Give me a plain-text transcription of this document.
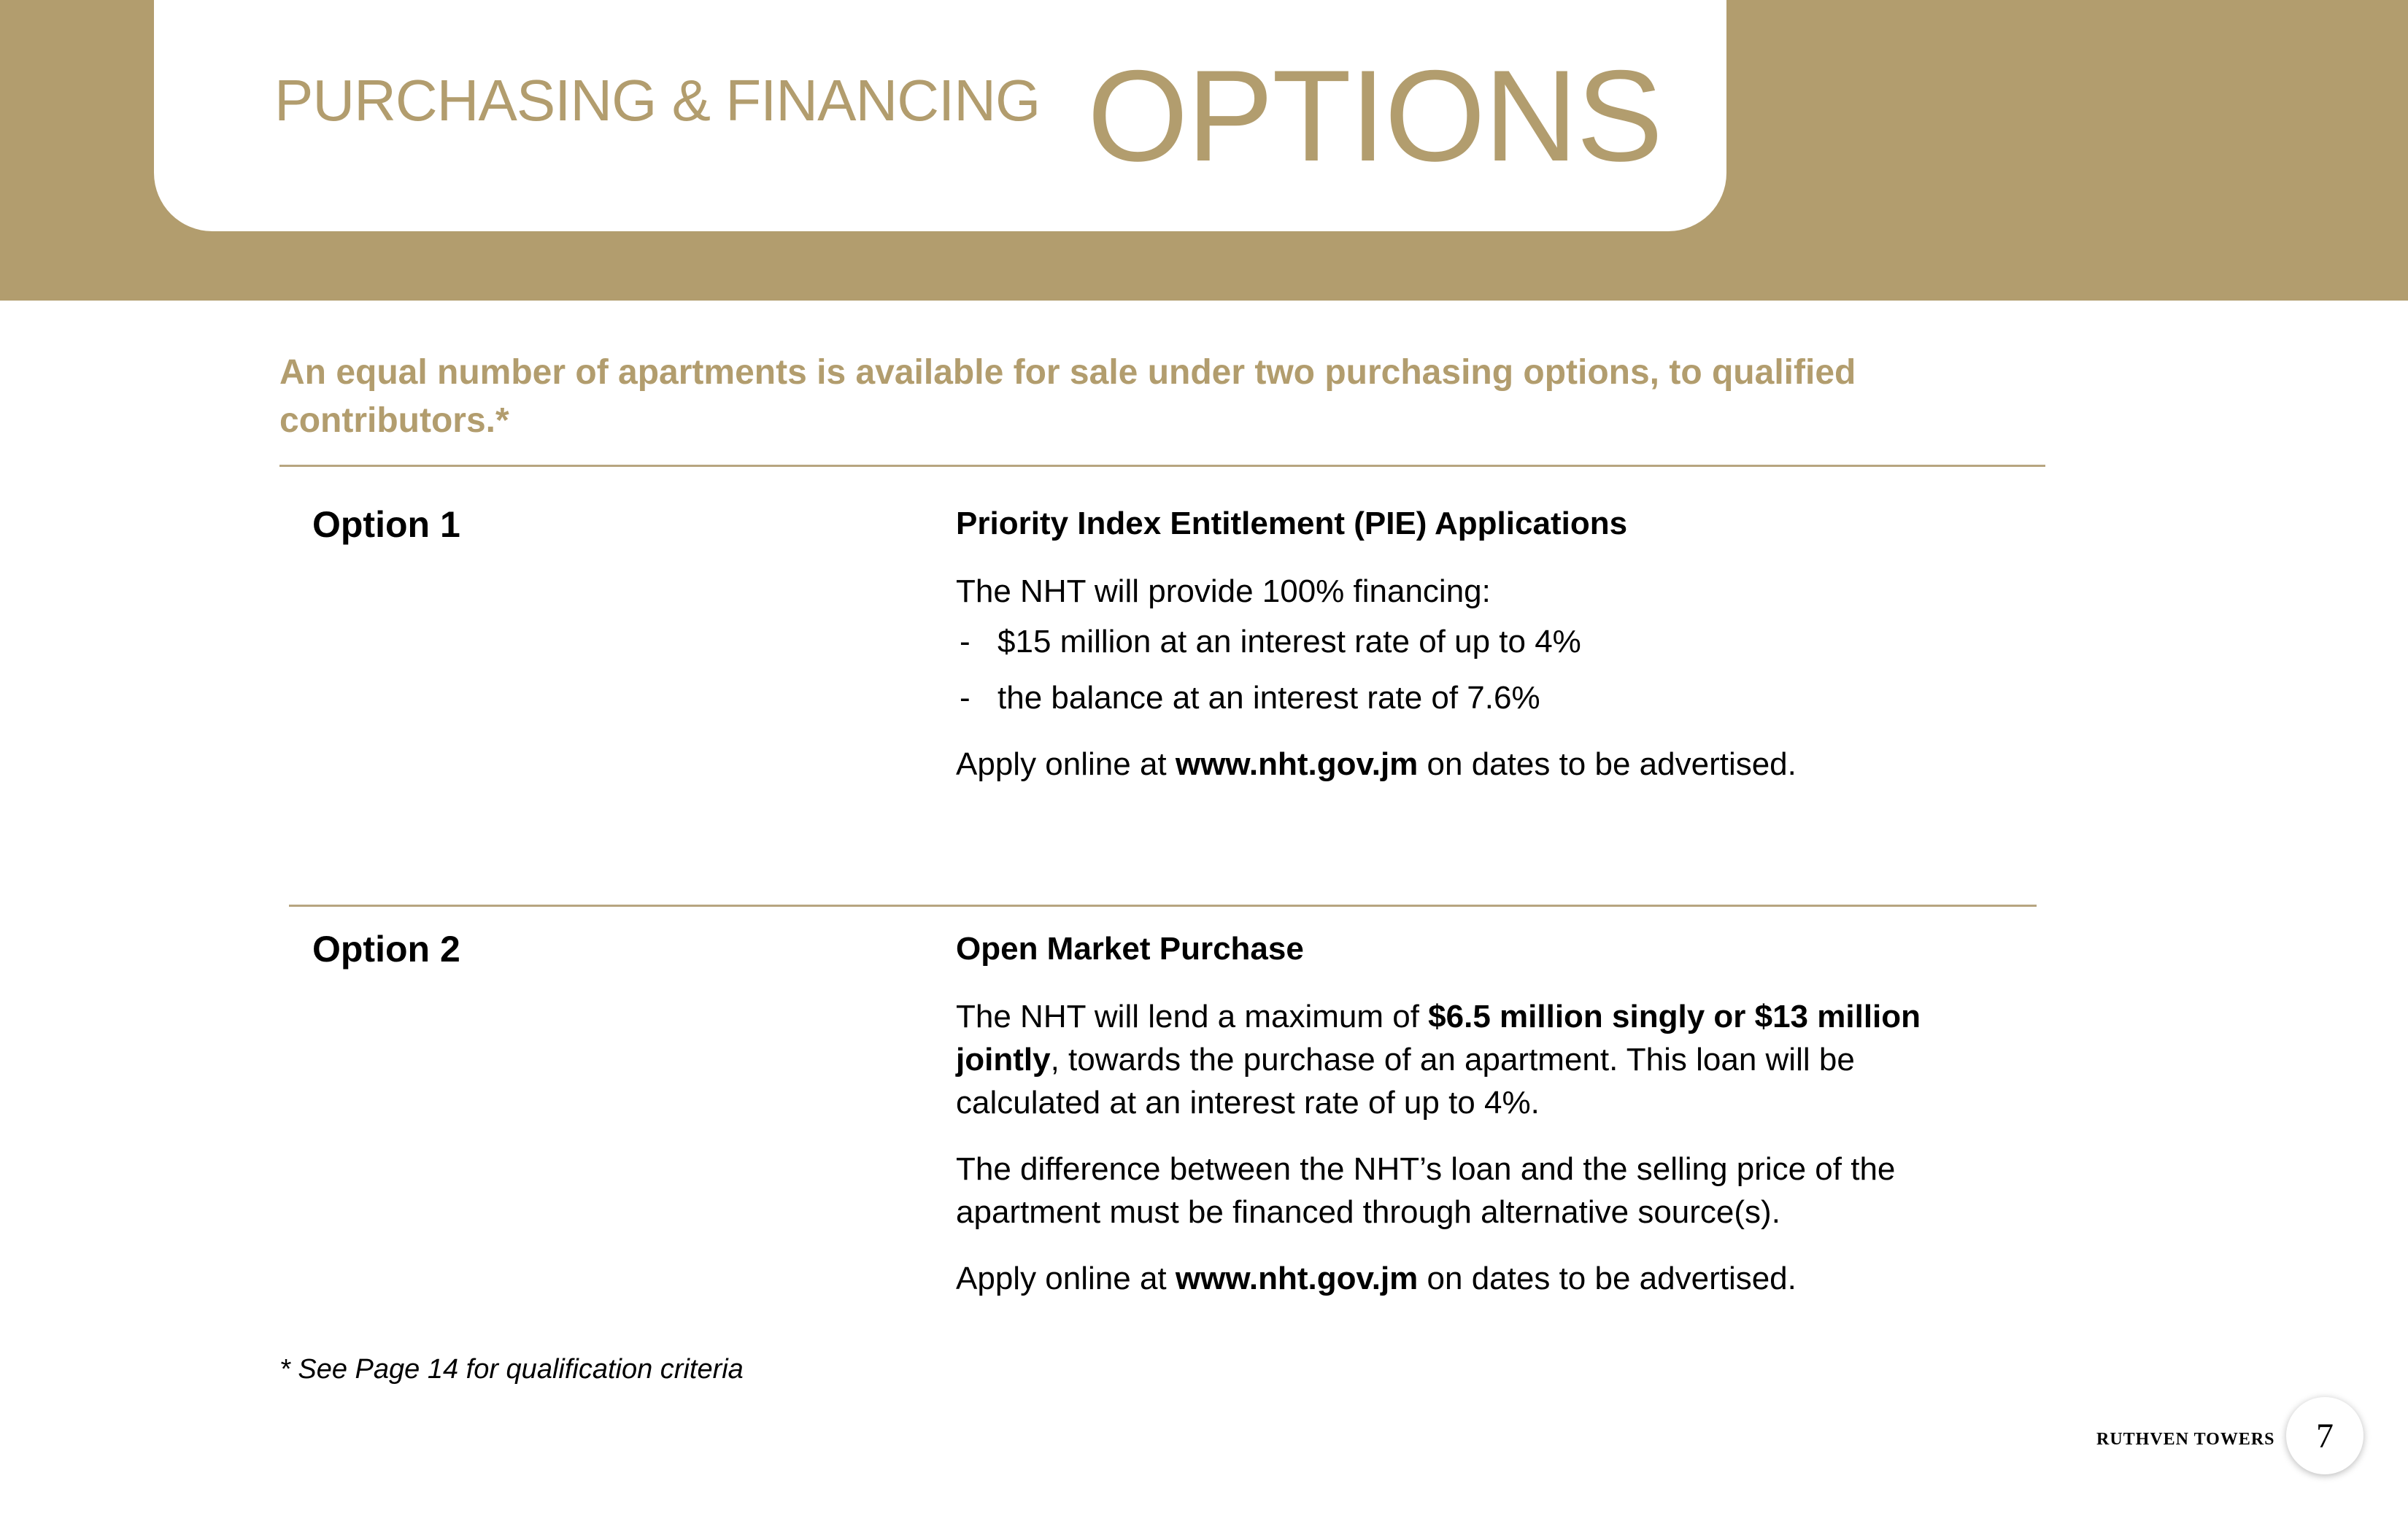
PURCHASING & FINANCING OPTIONS
An equal number of apartments is available for sale under two purchasing options, to qualified contributors.*
Option 1	Priority Index Entitlement (PIE) Applications

The NHT will provide 100% financing:

- $15 million at an interest rate of up to 4%

- the balance at an interest rate of 7.6%

Apply online at www.nht.gov.jm on dates to be advertised.

Option 2	Open Market Purchase

The NHT will lend a maximum of $6.5 million singly or $13 million jointly, towards the purchase of an apartment. This loan will be calculated at an interest rate of up to 4%.

The difference between the NHT’s loan and the selling price of the apartment must be financed through alternative source(s).

Apply online at www.nht.gov.jm on dates to be advertised.

* See Page 14 for qualification criteria
RUTHVEN TOWERS 7
